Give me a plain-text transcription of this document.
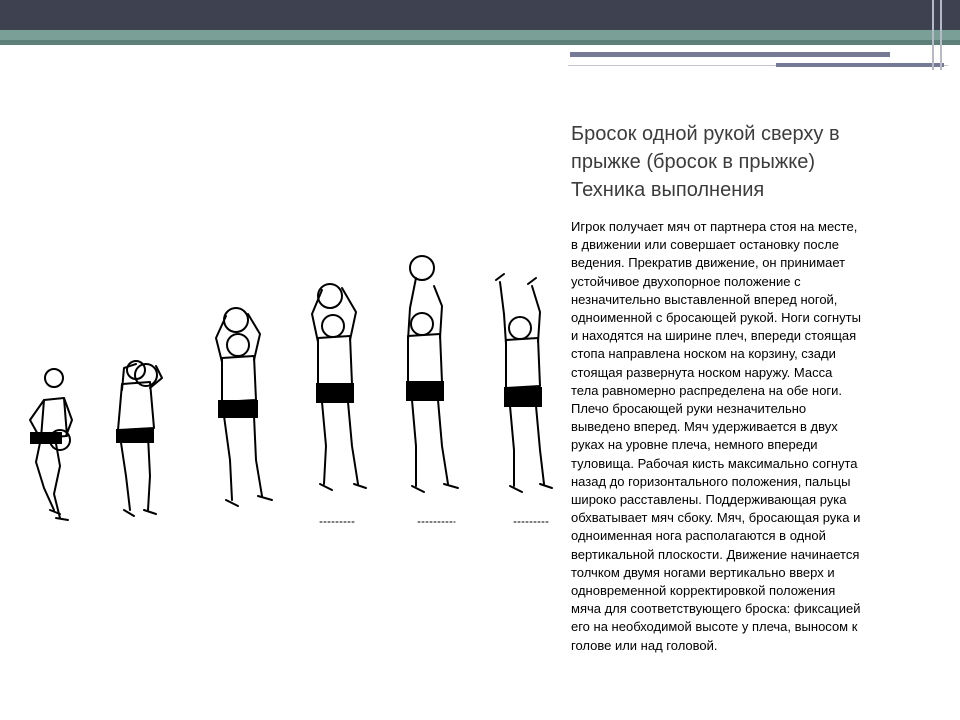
Бросок одной рукой сверху в
прыжке (бросок в прыжке)
Техника выполнения
Игрок получает мяч от партнера стоя на месте,
в движении или совершает остановку после
ведения. Прекратив движение, он принимает
устойчивое двухопорное положение с
незначительно выставленной вперед ногой,
одноименной с бросающей рукой. Ноги согнуты
и находятся на ширине плеч, впереди стоящая
стопа направлена носком на корзину, сзади
стоящая развернута носком наружу. Масса
тела равномерно распределена на обе ноги.
Плечо бросающей руки незначительно
выведено вперед. Мяч удерживается в двух
руках на уровне плеча, немного впереди
туловища. Рабочая кисть максимально согнута
назад до горизонтального положения, пальцы
широко расставлены. Поддерживающая рука
обхватывает мяч сбоку. Мяч, бросающая рука и
одноименная нога располагаются в одной
вертикальной плоскости. Движение начинается
толчком двумя ногами вертикально вверх и
одновременной корректировкой положения
мяча для соответствующего броска: фиксацией
его на необходимой высоте у плеча, выносом к
голове или над головой.
